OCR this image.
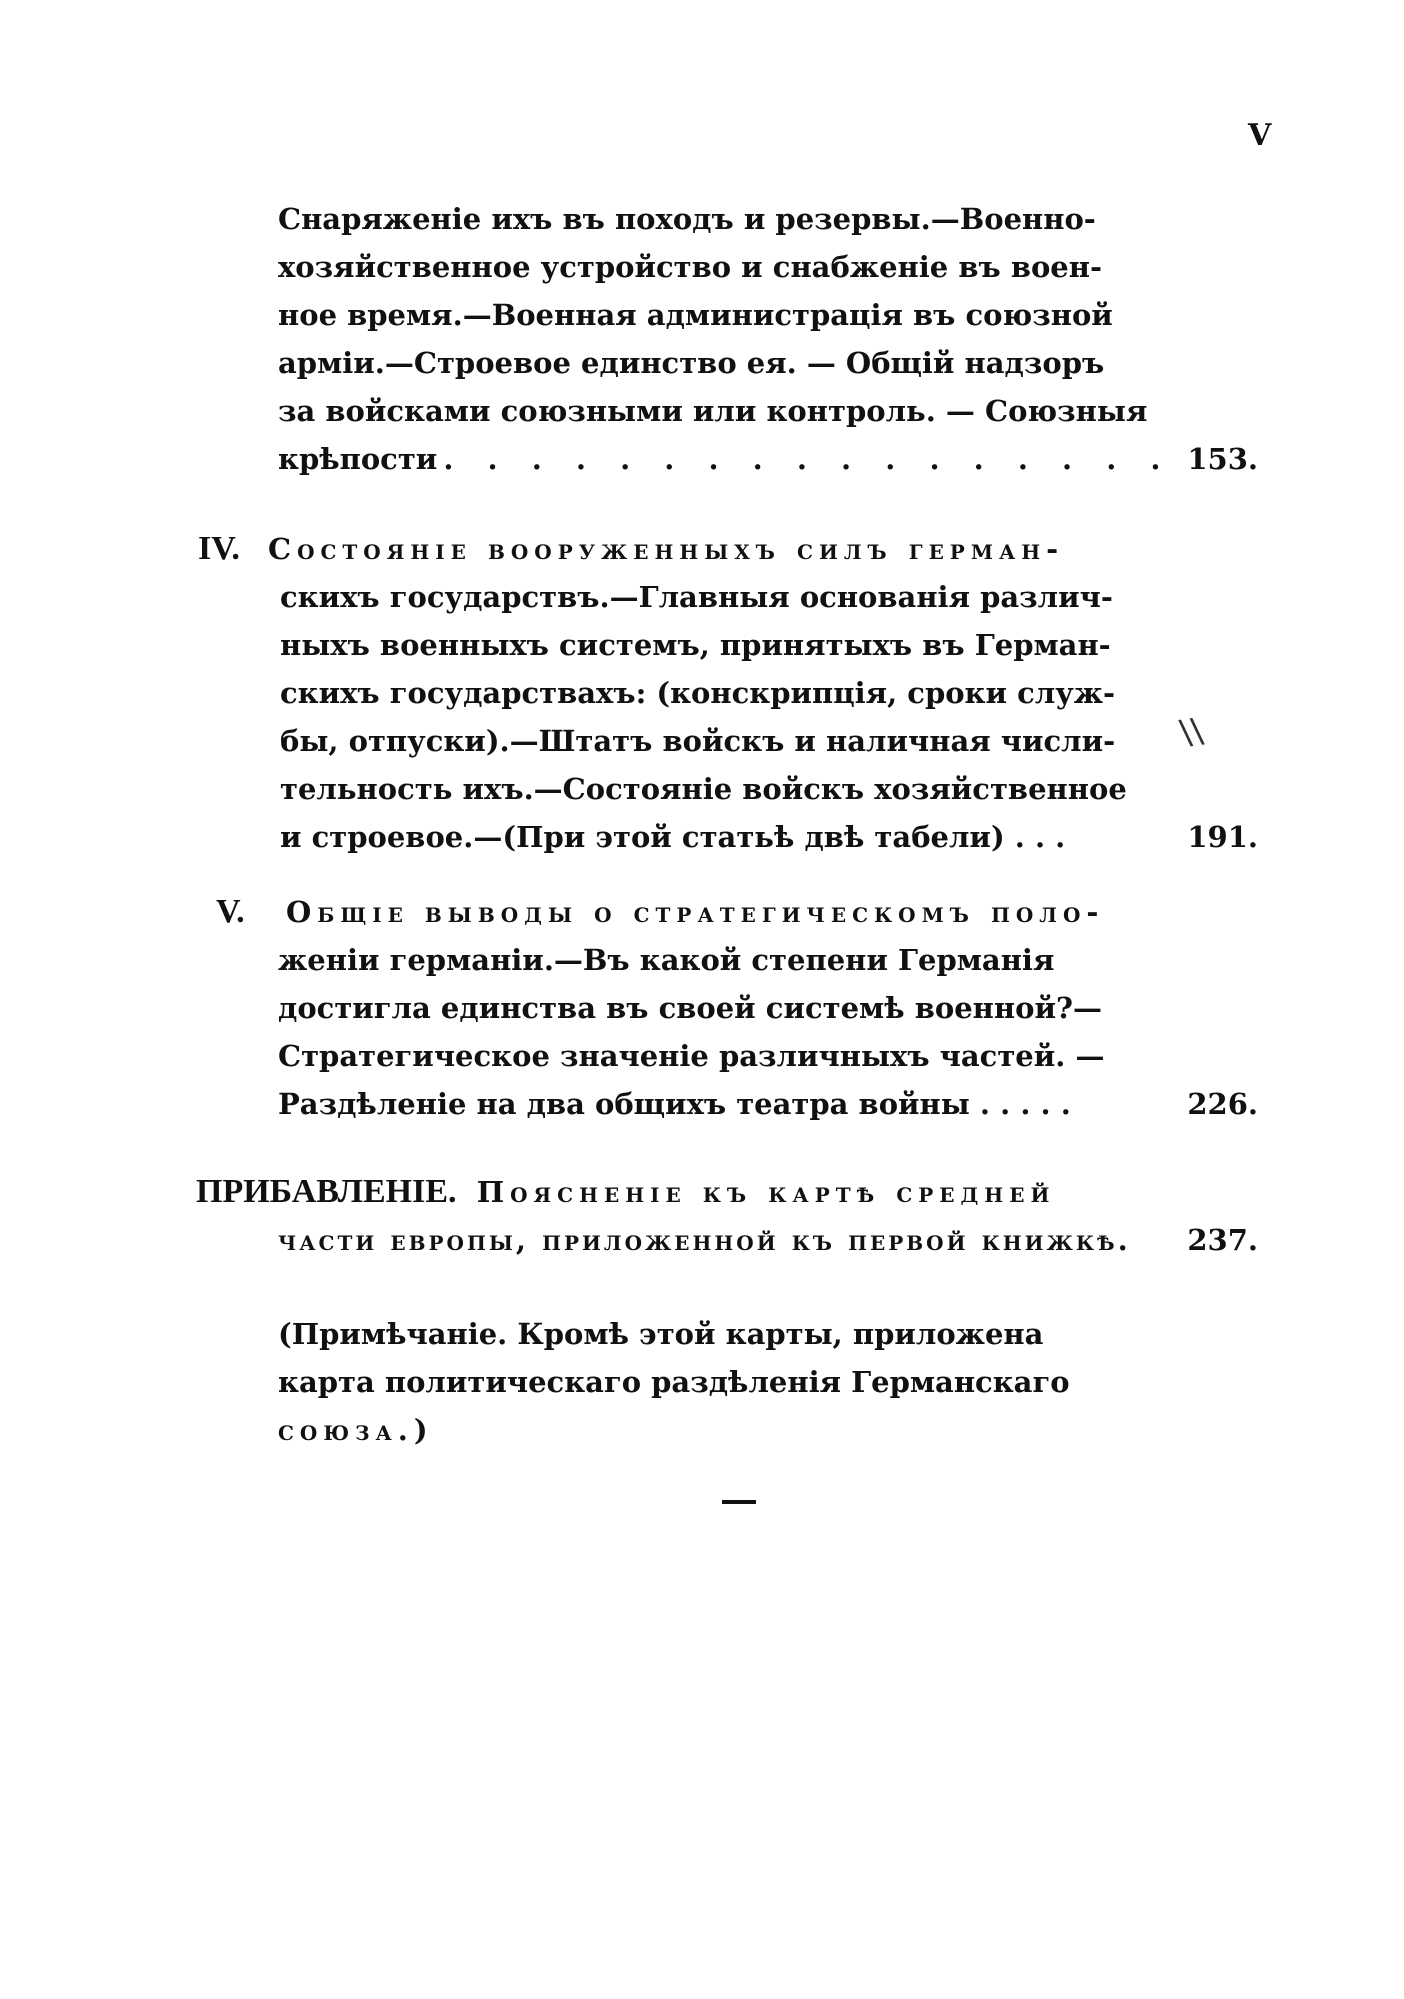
V
Снаряженіе ихъ въ походъ и резервы.—Военно-
хозяйственное устройство и снабженіе въ воен-
ное время.—Военная администрація въ союзной
арміи.—Строевое единство ея. — Общій надзоръ
за войсками союзными или контроль. — Союзныя
крѣпости
. . .	153.
IV. Состояніе вооруженныхъ силъ герман-
скихъ государствъ.—Главныя основанія различ-
ныхъ военныхъ системъ, принятыхъ въ Герман-
скихъ государствахъ: (конскрипція, сроки служ-
бы, отпуски).—Штатъ войскъ и наличная числи-
тельность ихъ.—Состояніе войскъ хозяйственное
и строевое.—(При этой статьѣ двѣ табели) . . .	191.
\\
V. Общіе выводы о стратегическомъ поло-
женіи германіи.—Въ какой степени Германія
достигла единства въ своей системѣ военной?—
Стратегическое значеніе различныхъ частей. —
Раздѣленіе на два общихъ театра войны . . . . .	226.
ПРИБАВЛЕНІЕ. Поясненіе къ картѣ средней
части европы, приложенной къ первой книжкѣ.	237.
(Примѣчаніе. Кромѣ этой карты, приложена
карта политическаго раздѣленія Германскаго
союза.)
